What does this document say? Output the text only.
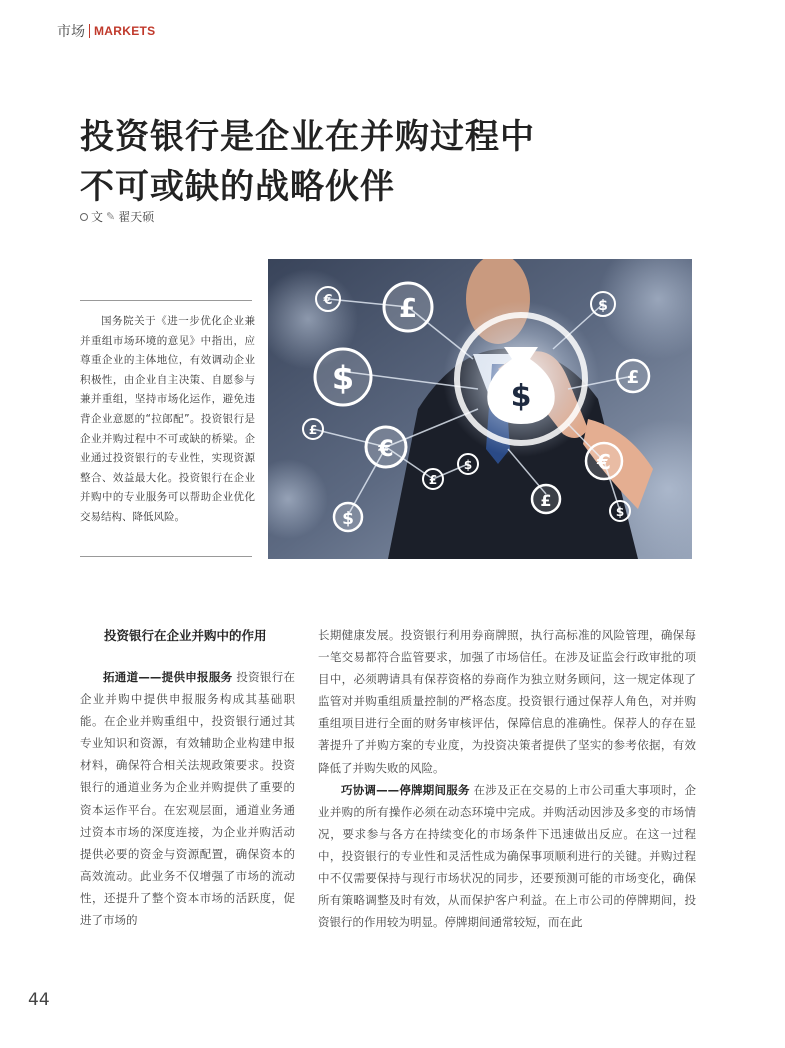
市场 MARKETS
投资银行是企业在并购过程中
不可或缺的战略伙伴
文 ✎ 翟天硕

国务院关于《进一步优化企业兼并重组市场环境的意见》中指出，应尊重企业的主体地位，有效调动企业积极性，由企业自主决策、自愿参与兼并重组，坚持市场化运作，避免违背企业意愿的“拉郎配”。投资银行是企业并购过程中不可或缺的桥梁。企业通过投资银行的专业性，实现资源整合、效益最大化。投资银行在企业并购中的专业服务可以帮助企业优化交易结构、降低风险。

$
£
€
$
£
€
£
$
$
$
£
€
£
$
投资银行在企业并购中的作用

拓通道——提供申报服务 投资银行在企业并购中提供申报服务构成其基础职能。在企业并购重组中，投资银行通过其专业知识和资源，有效辅助企业构建申报材料，确保符合相关法规政策要求。投资银行的通道业务为企业并购提供了重要的资本运作平台。在宏观层面，通道业务通过资本市场的深度连接，为企业并购活动提供必要的资金与资源配置，确保资本的高效流动。此业务不仅增强了市场的流动性，还提升了整个资本市场的活跃度，促进了市场的

长期健康发展。投资银行利用券商牌照，执行高标准的风险管理，确保每一笔交易都符合监管要求，加强了市场信任。在涉及证监会行政审批的项目中，必须聘请具有保荐资格的券商作为独立财务顾问，这一规定体现了监管对并购重组质量控制的严格态度。投资银行通过保荐人角色，对并购重组项目进行全面的财务审核评估，保障信息的准确性。保荐人的存在显著提升了并购方案的专业度，为投资决策者提供了坚实的参考依据，有效降低了并购失败的风险。

巧协调——停牌期间服务 在涉及正在交易的上市公司重大事项时，企业并购的所有操作必须在动态环境中完成。并购活动因涉及多变的市场情况，要求参与各方在持续变化的市场条件下迅速做出反应。在这一过程中，投资银行的专业性和灵活性成为确保事项顺利进行的关键。并购过程中不仅需要保持与现行市场状况的同步，还要预测可能的市场变化，确保所有策略调整及时有效，从而保护客户利益。在上市公司的停牌期间，投资银行的作用较为明显。停牌期间通常较短，而在此

44
